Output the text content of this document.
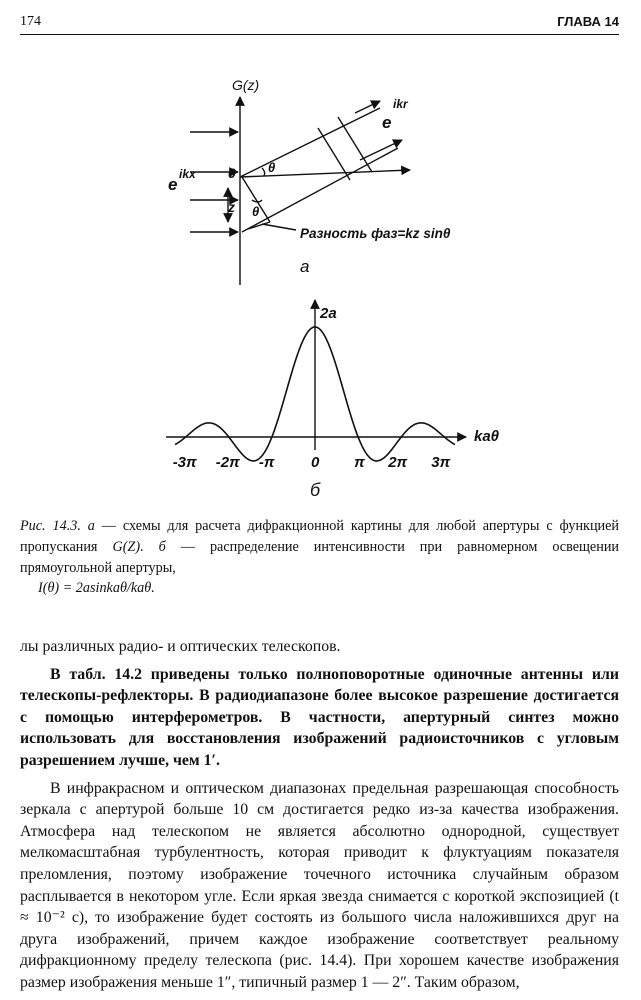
174	ГЛАВА 14
G(z)
e
ikx
e
ikr
0
z
θ
θ
Разность фаз=kz sinθ
а
-3π -2π -π 0 π 2π 3π
2a
kaθ
б
Рис. 14.3. а — схемы для расчета дифракционной картины для любой апертуры с функцией пропускания G(Z). б — распределение интенсивности при равномерном освещении прямоугольной апертуры,
I(θ) = 2asinkaθ/kaθ.

лы различных радио- и оптических телескопов.

В табл. 14.2 приведены только полноповоротные одиночные антенны или телескопы-рефлекторы. В радиодиапазоне более высокое разрешение достигается с помощью интерферометров. В частности, апертурный синтез можно использовать для восстановления изображений радиоисточников с угловым разрешением лучше, чем 1′.

В инфракрасном и оптическом диапазонах предельная разрешающая способность зеркала с апертурой больше 10 см достигается редко из-за качества изображения. Атмосфера над телескопом не является абсолютно однородной, существует мелкомасштабная турбулентность, которая приводит к флуктуациям показателя преломления, поэтому изображение точечного источника случайным образом расплывается в некотором угле. Если яркая звезда снимается с короткой экспозицией (t ≈ 10⁻² с), то изображение будет состоять из большого числа наложившихся друг на друга изображений, причем каждое изображение соответствует реальному дифракционному пределу телескопа (рис. 14.4). При хорошем качестве изображения размер изображения меньше 1″, типичный размер 1 — 2″. Таким образом,
